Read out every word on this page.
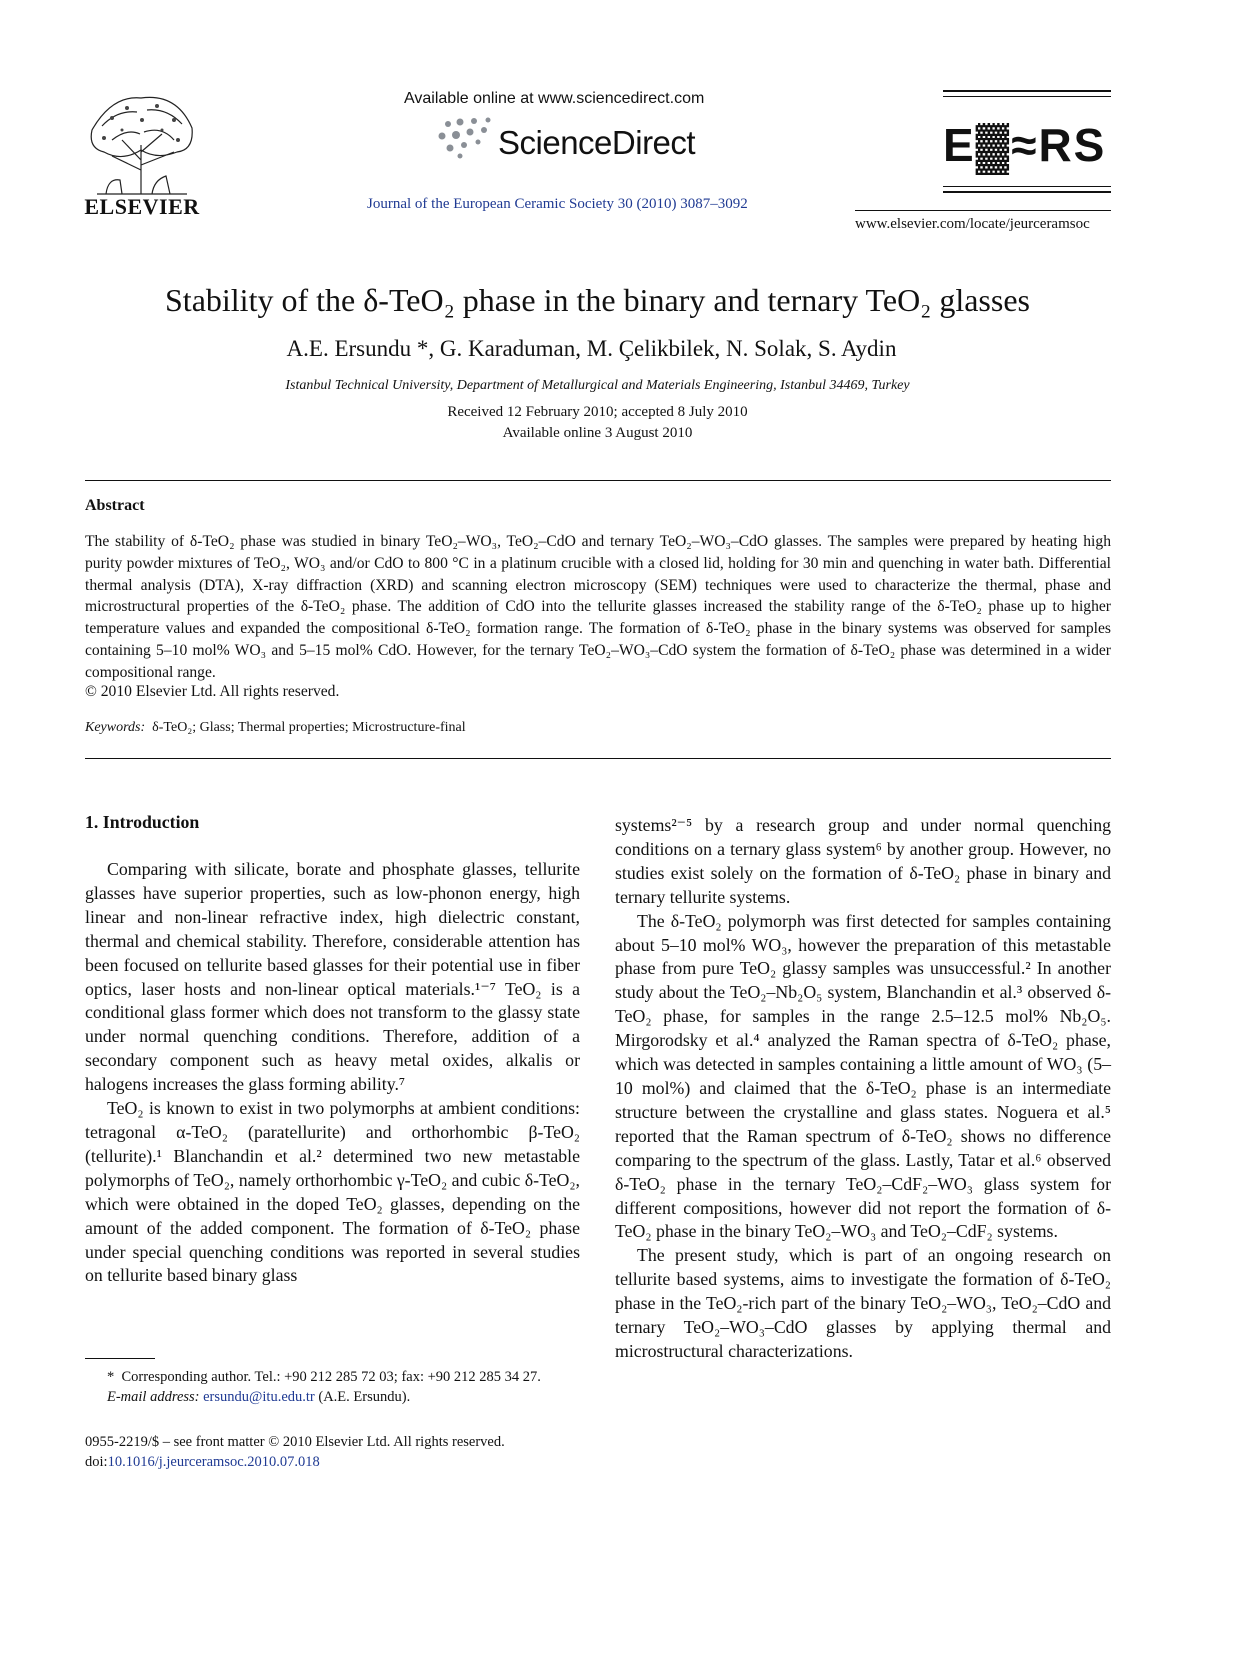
ELSEVIER
Available online at www.sciencedirect.com
ScienceDirect
Journal of the European Ceramic Society 30 (2010) 3087–3092
E▓≈RS
www.elsevier.com/locate/jeurceramsoc
Stability of the δ-TeO₂ phase in the binary and ternary TeO₂ glasses
A.E. Ersundu *, G. Karaduman, M. Çelikbilek, N. Solak, S. Aydin
Istanbul Technical University, Department of Metallurgical and Materials Engineering, Istanbul 34469, Turkey
Received 12 February 2010; accepted 8 July 2010
Available online 3 August 2010
Abstract
The stability of δ-TeO₂ phase was studied in binary TeO₂–WO₃, TeO₂–CdO and ternary TeO₂–WO₃–CdO glasses. The samples were prepared by heating high purity powder mixtures of TeO₂, WO₃ and/or CdO to 800 °C in a platinum crucible with a closed lid, holding for 30 min and quenching in water bath. Differential thermal analysis (DTA), X-ray diffraction (XRD) and scanning electron microscopy (SEM) techniques were used to characterize the thermal, phase and microstructural properties of the δ-TeO₂ phase. The addition of CdO into the tellurite glasses increased the stability range of the δ-TeO₂ phase up to higher temperature values and expanded the compositional δ-TeO₂ formation range. The formation of δ-TeO₂ phase in the binary systems was observed for samples containing 5–10 mol% WO₃ and 5–15 mol% CdO. However, for the ternary TeO₂–WO₃–CdO system the formation of δ-TeO₂ phase was determined in a wider compositional range.
© 2010 Elsevier Ltd. All rights reserved.
Keywords: δ-TeO₂; Glass; Thermal properties; Microstructure-final
1. Introduction

Comparing with silicate, borate and phosphate glasses, tellurite glasses have superior properties, such as low-phonon energy, high linear and non-linear refractive index, high dielectric constant, thermal and chemical stability. Therefore, considerable attention has been focused on tellurite based glasses for their potential use in fiber optics, laser hosts and non-linear optical materials.¹⁻⁷ TeO₂ is a conditional glass former which does not transform to the glassy state under normal quenching conditions. Therefore, addition of a secondary component such as heavy metal oxides, alkalis or halogens increases the glass forming ability.⁷

TeO₂ is known to exist in two polymorphs at ambient conditions: tetragonal α-TeO₂ (paratellurite) and orthorhombic β-TeO₂ (tellurite).¹ Blanchandin et al.² determined two new metastable polymorphs of TeO₂, namely orthorhombic γ-TeO₂ and cubic δ-TeO₂, which were obtained in the doped TeO₂ glasses, depending on the amount of the added component. The formation of δ-TeO₂ phase under special quenching conditions was reported in several studies on tellurite based binary glass

systems²⁻⁵ by a research group and under normal quenching conditions on a ternary glass system⁶ by another group. However, no studies exist solely on the formation of δ-TeO₂ phase in binary and ternary tellurite systems.

The δ-TeO₂ polymorph was first detected for samples containing about 5–10 mol% WO₃, however the preparation of this metastable phase from pure TeO₂ glassy samples was unsuccessful.² In another study about the TeO₂–Nb₂O₅ system, Blanchandin et al.³ observed δ-TeO₂ phase, for samples in the range 2.5–12.5 mol% Nb₂O₅. Mirgorodsky et al.⁴ analyzed the Raman spectra of δ-TeO₂ phase, which was detected in samples containing a little amount of WO₃ (5–10 mol%) and claimed that the δ-TeO₂ phase is an intermediate structure between the crystalline and glass states. Noguera et al.⁵ reported that the Raman spectrum of δ-TeO₂ shows no difference comparing to the spectrum of the glass. Lastly, Tatar et al.⁶ observed δ-TeO₂ phase in the ternary TeO₂–CdF₂–WO₃ glass system for different compositions, however did not report the formation of δ-TeO₂ phase in the binary TeO₂–WO₃ and TeO₂–CdF₂ systems.

The present study, which is part of an ongoing research on tellurite based systems, aims to investigate the formation of δ-TeO₂ phase in the TeO₂-rich part of the binary TeO₂–WO₃, TeO₂–CdO and ternary TeO₂–WO₃–CdO glasses by applying thermal and microstructural characterizations.

* Corresponding author. Tel.: +90 212 285 72 03; fax: +90 212 285 34 27.
E-mail address: ersundu@itu.edu.tr (A.E. Ersundu).
0955-2219/$ – see front matter © 2010 Elsevier Ltd. All rights reserved.
doi:10.1016/j.jeurceramsoc.2010.07.018
